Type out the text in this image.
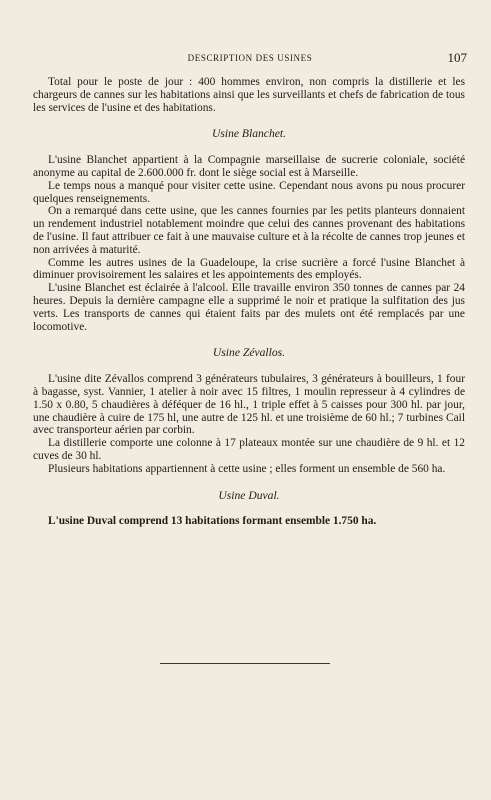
DESCRIPTION DES USINES	107

Total pour le poste de jour : 400 hommes environ, non compris la distillerie et les chargeurs de cannes sur les habitations ainsi que les surveillants et chefs de fabrication de tous les services de l'usine et des habitations.

Usine Blanchet.

L'usine Blanchet appartient à la Compagnie marseillaise de sucrerie coloniale, société anonyme au capital de 2.600.000 fr. dont le siège social est à Marseille.

Le temps nous a manqué pour visiter cette usine. Cependant nous avons pu nous procurer quelques renseignements.

On a remarqué dans cette usine, que les cannes fournies par les petits planteurs donnaient un rendement industriel notablement moindre que celui des cannes provenant des habitations de l'usine. Il faut attribuer ce fait à une mauvaise culture et à la récolte de cannes trop jeunes et non arrivées à maturité.

Comme les autres usines de la Guadeloupe, la crise sucrière a forcé l'usine Blanchet à diminuer provisoirement les salaires et les appointements des employés.

L'usine Blanchet est éclairée à l'alcool. Elle travaille environ 350 tonnes de cannes par 24 heures. Depuis la dernière campagne elle a supprimé le noir et pratique la sulfitation des jus verts. Les transports de cannes qui étaient faits par des mulets ont été remplacés par une locomotive.

Usine Zévallos.

L'usine dite Zévallos comprend 3 générateurs tubulaires, 3 générateurs à bouilleurs, 1 four à bagasse, syst. Vannier, 1 atelier à noir avec 15 filtres, 1 moulin represseur à 4 cylindres de 1.50 x 0.80, 5 chaudières à déféquer de 16 hl., 1 triple effet à 5 caisses pour 300 hl. par jour, une chaudière à cuire de 175 hl, une autre de 125 hl. et une troisième de 60 hl.; 7 turbines Cail avec transporteur aérien par corbin.

La distillerie comporte une colonne à 17 plateaux montée sur une chaudière de 9 hl. et 12 cuves de 30 hl.

Plusieurs habitations appartiennent à cette usine ; elles forment un ensemble de 560 ha.

Usine Duval.

L'usine Duval comprend 13 habitations formant ensemble 1.750 ha.
